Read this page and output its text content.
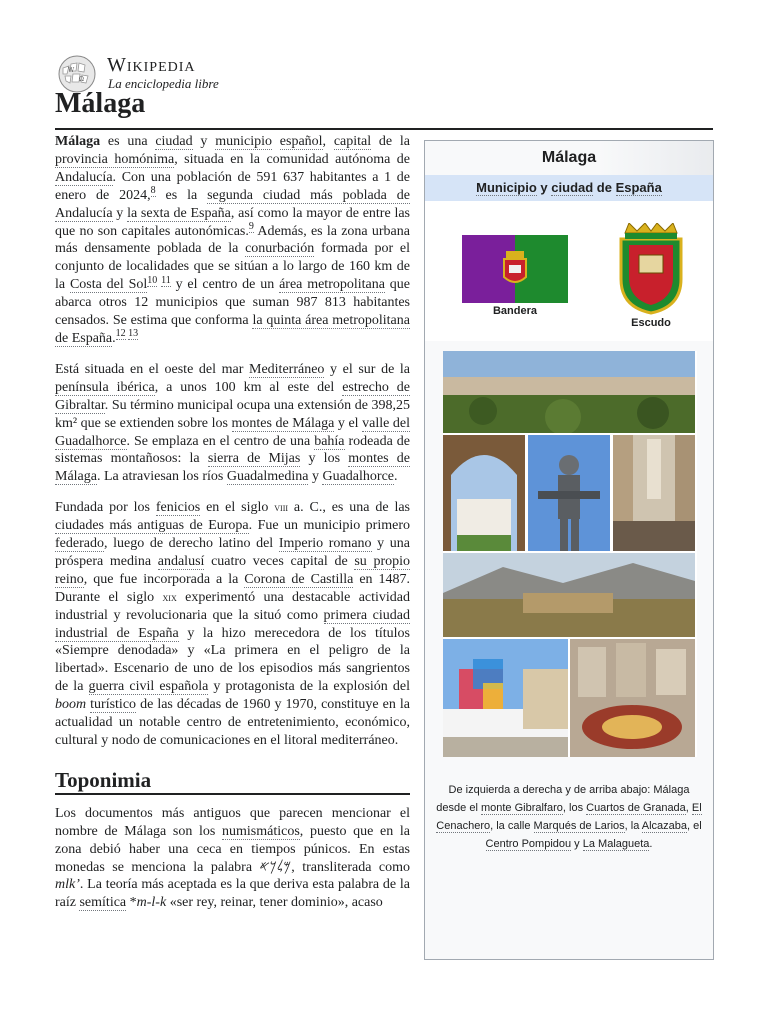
W
Ω
Wikipedia
La enciclopedia libre
Málaga

Málaga es una ciudad y municipio español, capital de la provincia homónima, situada en la comunidad autónoma de Andalucía. Con una población de 591 637 habitantes a 1 de enero de 2024,$^8$ es la segunda ciudad más poblada de Andalucía y la sexta de España, así como la mayor de entre las que no son capitales autonómicas.$^9$ Además, es la zona urbana más densamente poblada de la conurbación formada por el conjunto de localidades que se sitúan a lo largo de 160 km de la Costa del Sol$^{10 11}$ y el centro de un área metropolitana que abarca otros 12 municipios que suman 987 813 habitantes censados. Se estima que conforma la quinta área metropolitana de España.$^{12 13}$

Está situada en el oeste del mar Mediterráneo y el sur de la península ibérica, a unos 100 km al este del estrecho de Gibraltar. Su término municipal ocupa una extensión de 398,25 km² que se extienden sobre los montes de Málaga y el valle del Guadalhorce. Se emplaza en el centro de una bahía rodeada de sistemas montañosos: la sierra de Mijas y los montes de Málaga. La atraviesan los ríos Guadalmedina y Guadalhorce.

Fundada por los fenicios en el siglo viii a. C., es una de las ciudades más antiguas de Europa. Fue un municipio primero federado, luego de derecho latino del Imperio romano y una próspera medina andalusí cuatro veces capital de su propio reino, que fue incorporada a la Corona de Castilla en 1487. Durante el siglo xix experimentó una destacable actividad industrial y revolucionaria que la situó como primera ciudad industrial de España y la hizo merecedora de los títulos «Siempre denodada» y «La primera en el peligro de la libertad». Escenario de uno de los episodios más sangrientos de la guerra civil española y protagonista de la explosión del boom turístico de las décadas de 1960 y 1970, constituye en la actualidad un notable centro de entretenimiento, económico, cultural y nodo de comunicaciones en el litoral mediterráneo.

Toponimia

Los documentos más antiguos que parecen mencionar el nombre de Málaga son los numismáticos, puesto que en la zona debió haber una ceca en tiempos púnicos. En estas monedas se menciona la palabra 𐤌𐤋𐤊𐤀, transliterada como mlkʼ. La teoría más aceptada es la que deriva esta palabra de la raíz semítica *m-l-k «ser rey, reinar, tener dominio», acaso

Málaga
Municipio y ciudad de España
Bandera
Escudo
De izquierda a derecha y de arriba abajo: Málaga desde el monte Gibralfaro, los Cuartos de Granada, El Cenachero, la calle Marqués de Larios, la Alcazaba, el Centro Pompidou y La Malagueta.
